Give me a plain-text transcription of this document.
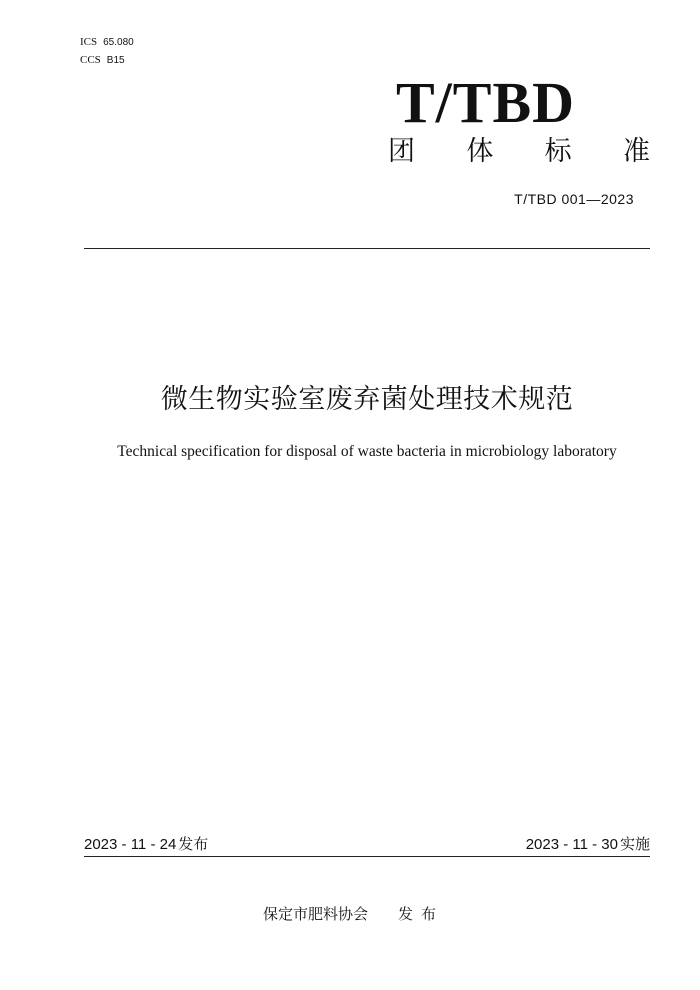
ICS 65.080
CCS B15
T/TBD
团 体 标 准
T/TBD 001—2023
微生物实验室废弃菌处理技术规范
Technical specification for disposal of waste bacteria in microbiology laboratory
2023 - 11 - 24 发布	2023 - 11 - 30 实施
保定市肥料协会 发布
